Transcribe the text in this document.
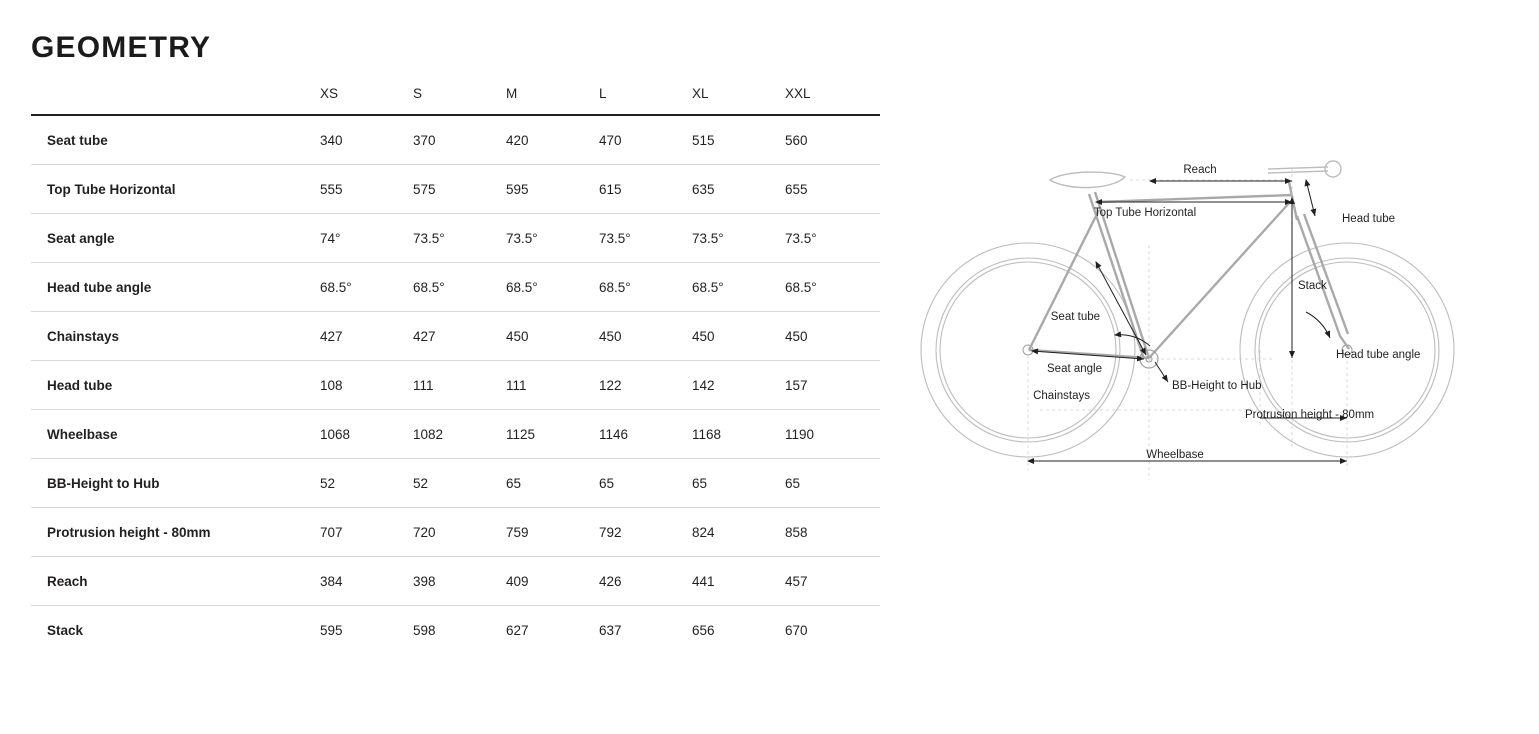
GEOMETRY
	XS	S	M	L	XL	XXL
Seat tube	340	370	420	470	515	560
Top Tube Horizontal	555	575	595	615	635	655
Seat angle	74°	73.5°	73.5°	73.5°	73.5°	73.5°
Head tube angle	68.5°	68.5°	68.5°	68.5°	68.5°	68.5°
Chainstays	427	427	450	450	450	450
Head tube	108	111	111	122	142	157
Wheelbase	1068	1082	1125	1146	1168	1190
BB-Height to Hub	52	52	65	65	65	65
Protrusion height - 80mm	707	720	759	792	824	858
Reach	384	398	409	426	441	457
Stack	595	598	627	637	656	670
Reach
Top Tube Horizontal	Head tube
Stack
Seat tube
Seat angle
Head tube angle
BB-Height to Hub
Chainstays
Protrusion height - 80mm
Wheelbase
